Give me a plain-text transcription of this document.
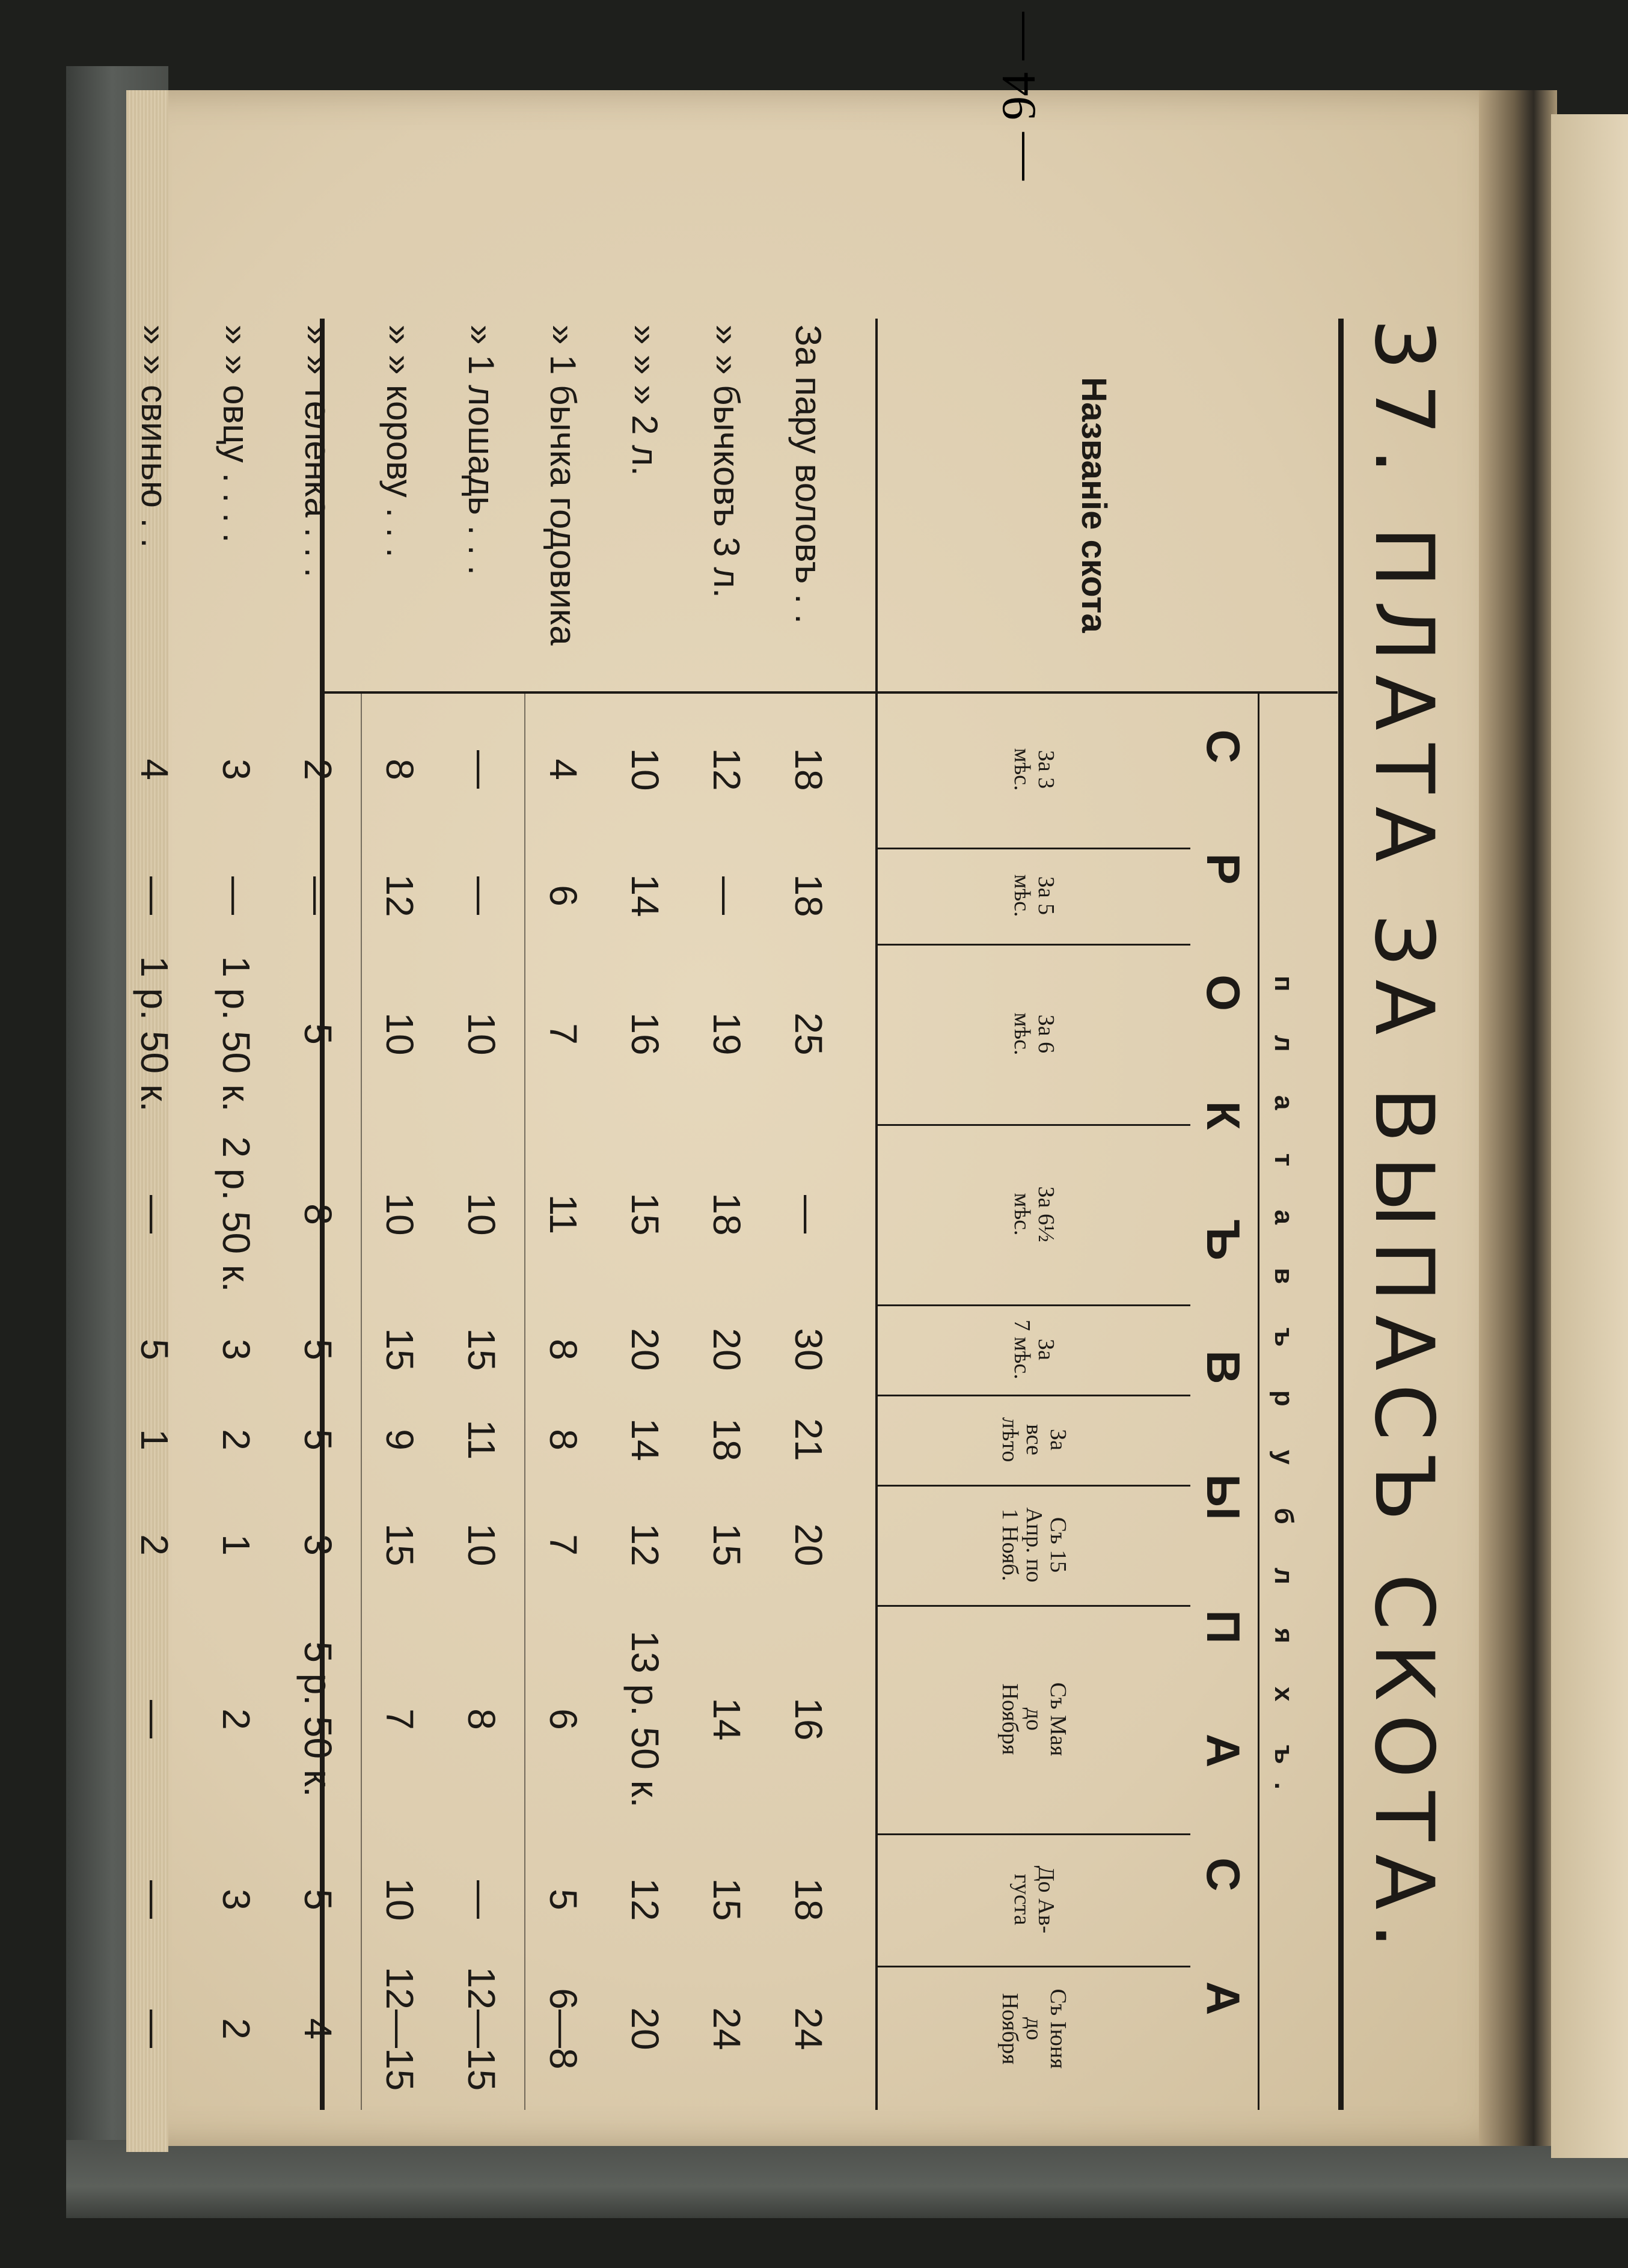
37. ПЛАТА ЗА ВЫПАСЪ СКОТА.
Названіе скота
п л а т а в ъ р у б л я х ъ.
С Р О К Ъ В Ы П А С А
За 3
мѣс.
За 5
мѣс.
За 6
мѣс.
За 6½
мѣс.
За
7 мѣс.
За
все
лѣто
Съ 15
Апр. по
1 Нояб.
Съ Мая
до
Ноября
До Ав-
густа
Съ Іюня
до
Ноября
За пару воловъ . .
18
18
25
—
30
21
20
16
18
24
» » бычковъ 3 л.
12
—
19
18
20
18
15
14
15
24
» » » 2 л.
10
14
16
15
20
14
12
13 р. 50 к.
12
20
» 1 бычка годовика
4
6
7
11
8
8
7
6
5
6—8
» 1 лошадь . . .
—
—
10
10
15
11
10
8
—
12—15
» » корову . . .
8
12
10
10
15
9
15
7
10
12—15
» » теленка . . .
2
—
5
8
5
5
3
5 р. 50 к.
5
4
» » овцу . . . .
3
—
1 р. 50 к.
2 р. 50 к.
3
2
1
2
3
2
» » свинью . .
4
—
1 р. 50 к.
—
5
1
2
—
—
—
— 94 —
